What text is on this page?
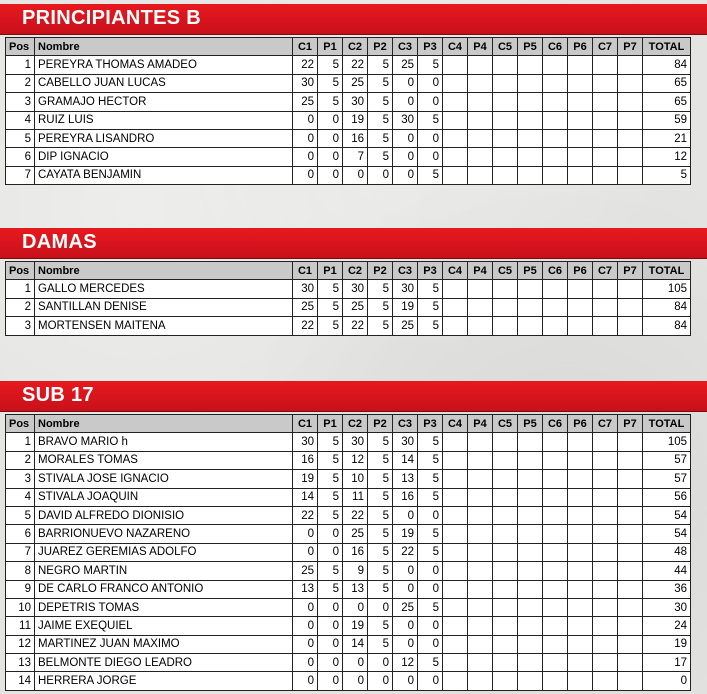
PRINCIPIANTES B
Pos	Nombre	C1	P1	C2	P2	C3	P3	C4	P4	C5	P5	C6	P6	C7	P7	TOTAL
1	PEREYRA THOMAS AMADEO	22	5	22	5	25	5									84
2	CABELLO JUAN LUCAS	30	5	25	5	0	0									65
3	GRAMAJO HECTOR	25	5	30	5	0	0									65
4	RUIZ LUIS	0	0	19	5	30	5									59
5	PEREYRA LISANDRO	0	0	16	5	0	0									21
6	DIP IGNACIO	0	0	7	5	0	0									12
7	CAYATA BENJAMIN	0	0	0	0	0	5									5
DAMAS
Pos	Nombre	C1	P1	C2	P2	C3	P3	C4	P4	C5	P5	C6	P6	C7	P7	TOTAL
1	GALLO MERCEDES	30	5	30	5	30	5									105
2	SANTILLAN DENISE	25	5	25	5	19	5									84
3	MORTENSEN MAITENA	22	5	22	5	25	5									84
SUB 17
Pos	Nombre	C1	P1	C2	P2	C3	P3	C4	P4	C5	P5	C6	P6	C7	P7	TOTAL
1	BRAVO MARIO h	30	5	30	5	30	5									105
2	MORALES TOMAS	16	5	12	5	14	5									57
3	STIVALA JOSE IGNACIO	19	5	10	5	13	5									57
4	STIVALA JOAQUIN	14	5	11	5	16	5									56
5	DAVID ALFREDO DIONISIO	22	5	22	5	0	0									54
6	BARRIONUEVO NAZARENO	0	0	25	5	19	5									54
7	JUAREZ GEREMIAS ADOLFO	0	0	16	5	22	5									48
8	NEGRO MARTIN	25	5	9	5	0	0									44
9	DE CARLO FRANCO ANTONIO	13	5	13	5	0	0									36
10	DEPETRIS TOMAS	0	0	0	0	25	5									30
11	JAIME EXEQUIEL	0	0	19	5	0	0									24
12	MARTINEZ JUAN MAXIMO	0	0	14	5	0	0									19
13	BELMONTE DIEGO LEADRO	0	0	0	0	12	5									17
14	HERRERA JORGE	0	0	0	0	0	0									0
